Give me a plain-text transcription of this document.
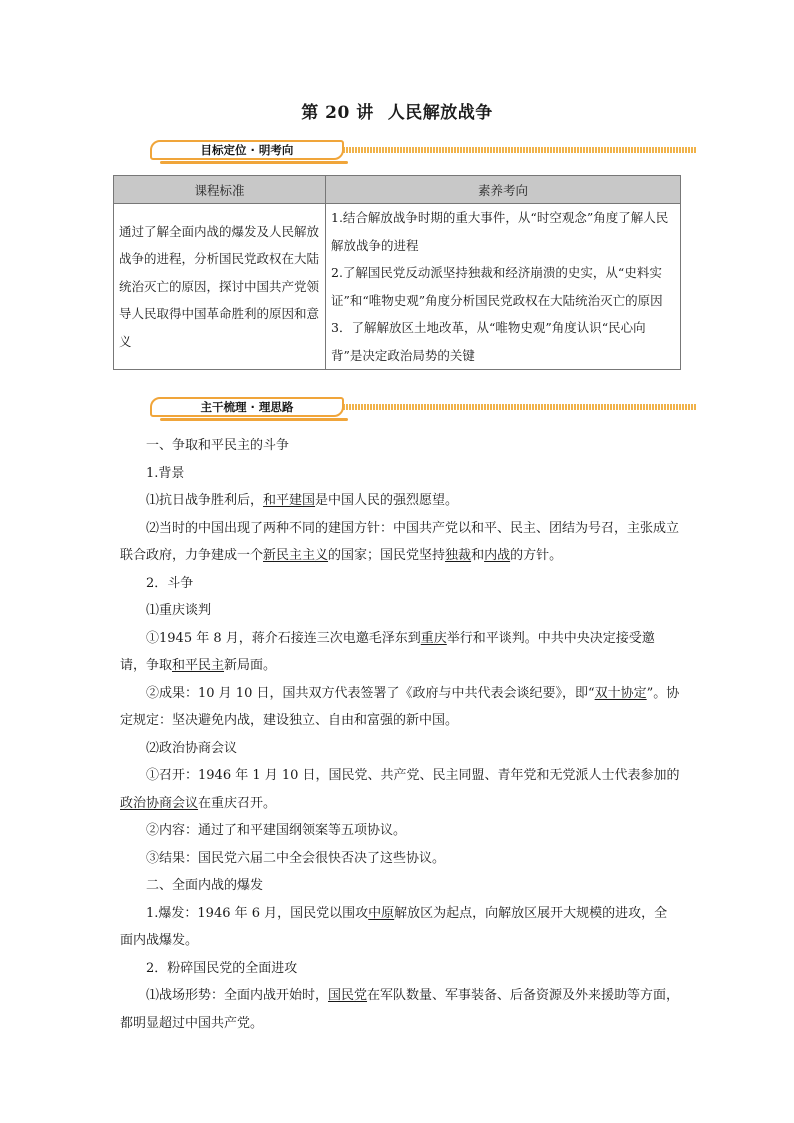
第 20 讲 人民解放战争
目标定位 · 明考向
课程标准	素养考向
通过了解全面内战的爆发及人民解放战争的进程，分析国民党政权在大陆统治灭亡的原因，探讨中国共产党领导人民取得中国革命胜利的原因和意义	1.结合解放战争时期的重大事件，从“时空观念”角度了解人民解放战争的进程
2.了解国民党反动派坚持独裁和经济崩溃的史实，从“史料实证”和“唯物史观”角度分析国民党政权在大陆统治灭亡的原因
3．了解解放区土地改革，从“唯物史观”角度认识“民心向背”是决定政治局势的关键
主干梳理 · 理思路

一、争取和平民主的斗争

1.背景

⑴抗日战争胜利后，和平建国是中国人民的强烈愿望。

⑵当时的中国出现了两种不同的建国方针：中国共产党以和平、民主、团结为号召，主张成立联合政府，力争建成一个新民主主义的国家；国民党坚持独裁和内战的方针。

2．斗争

⑴重庆谈判

①1945 年 8 月，蒋介石接连三次电邀毛泽东到重庆举行和平谈判。中共中央决定接受邀请，争取和平民主新局面。

②成果：10 月 10 日，国共双方代表签署了《政府与中共代表会谈纪要》，即“双十协定”。协定规定：坚决避免内战，建设独立、自由和富强的新中国。

⑵政治协商会议

①召开：1946 年 1 月 10 日，国民党、共产党、民主同盟、青年党和无党派人士代表参加的政治协商会议在重庆召开。

②内容：通过了和平建国纲领案等五项协议。

③结果：国民党六届二中全会很快否决了这些协议。

二、全面内战的爆发

1.爆发：1946 年 6 月，国民党以围攻中原解放区为起点，向解放区展开大规模的进攻，全面内战爆发。

2．粉碎国民党的全面进攻

⑴战场形势：全面内战开始时，国民党在军队数量、军事装备、后备资源及外来援助等方面，都明显超过中国共产党。
